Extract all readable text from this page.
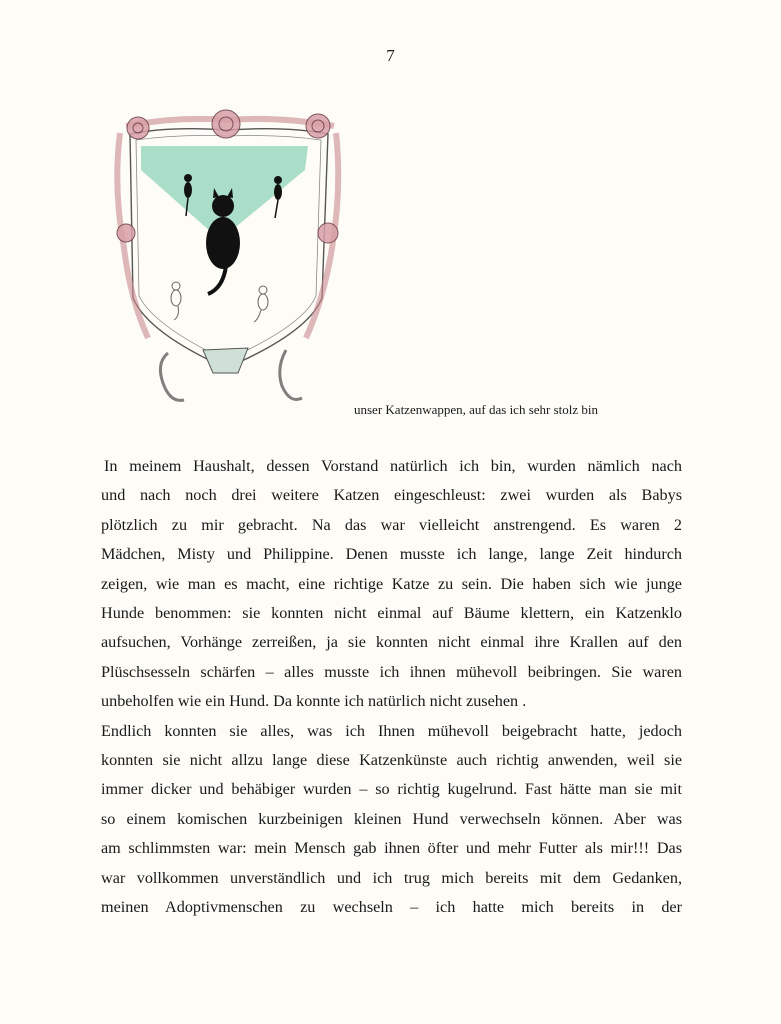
7
unser Katzenwappen, auf das ich sehr stolz bin

In meinem Haushalt, dessen Vorstand natürlich ich bin, wurden nämlich nach
und nach noch drei weitere Katzen eingeschleust: zwei wurden als Babys
plötzlich zu mir gebracht. Na das war vielleicht anstrengend. Es waren 2
Mädchen, Misty und Philippine. Denen musste ich lange, lange Zeit hindurch
zeigen, wie man es macht, eine richtige Katze zu sein. Die haben sich wie junge
Hunde benommen: sie konnten nicht einmal auf Bäume klettern, ein Katzenklo
aufsuchen, Vorhänge zerreißen, ja sie konnten nicht einmal ihre Krallen auf den
Plüschsesseln schärfen – alles musste ich ihnen mühevoll beibringen. Sie waren
unbeholfen wie ein Hund. Da konnte ich natürlich nicht zusehen .

Endlich konnten sie alles, was ich Ihnen mühevoll beigebracht hatte, jedoch
konnten sie nicht allzu lange diese Katzenkünste auch richtig anwenden, weil sie
immer dicker und behäbiger wurden – so richtig kugelrund. Fast hätte man sie mit
so einem komischen kurzbeinigen kleinen Hund verwechseln können. Aber was
am schlimmsten war: mein Mensch gab ihnen öfter und mehr Futter als mir!!! Das
war vollkommen unverständlich und ich trug mich bereits mit dem Gedanken,
meinen Adoptivmenschen zu wechseln – ich hatte mich bereits in der
